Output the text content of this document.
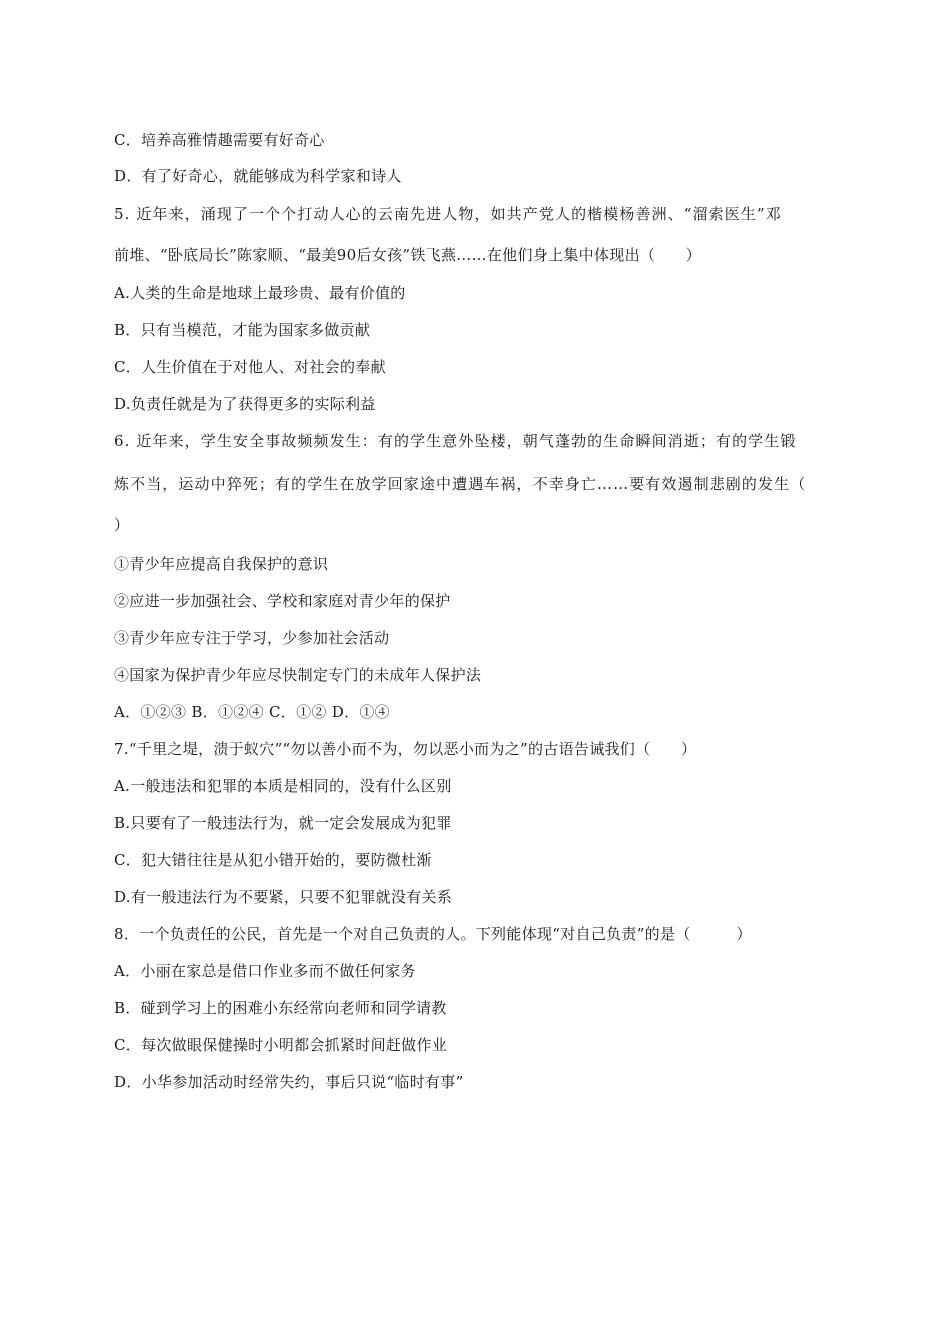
C．培养高雅情趣需要有好奇心
D．有了好奇心，就能够成为科学家和诗人
5. 近年来，涌现了一个个打动人心的云南先进人物，如共产党人的楷模杨善洲、“溜索医生”邓
前堆、“卧底局长”陈家顺、“最美90后女孩”铁飞燕……在他们身上集中体现出（　　）
A.人类的生命是地球上最珍贵、最有价值的
B．只有当模范，才能为国家多做贡献
C．人生价值在于对他人、对社会的奉献
D.负责任就是为了获得更多的实际利益
6. 近年来，学生安全事故频频发生：有的学生意外坠楼，朝气蓬勃的生命瞬间消逝；有的学生锻
炼不当，运动中猝死；有的学生在放学回家途中遭遇车祸，不幸身亡……要有效遏制悲剧的发生（
）
①青少年应提高自我保护的意识
②应进一步加强社会、学校和家庭对青少年的保护
③青少年应专注于学习，少参加社会活动
④国家为保护青少年应尽快制定专门的未成年人保护法
A．①②③ B．①②④ C．①② D．①④
7.“千里之堤，溃于蚁穴”“勿以善小而不为，勿以恶小而为之”的古语告诫我们（　　）
A.一般违法和犯罪的本质是相同的，没有什么区别
B.只要有了一般违法行为，就一定会发展成为犯罪
C．犯大错往往是从犯小错开始的，要防微杜渐
D.有一般违法行为不要紧，只要不犯罪就没有关系
8．一个负责任的公民，首先是一个对自己负责的人。下列能体现“对自己负责”的是（　　　）
A．小丽在家总是借口作业多而不做任何家务
B．碰到学习上的困难小东经常向老师和同学请教
C．每次做眼保健操时小明都会抓紧时间赶做作业
D．小华参加活动时经常失约，事后只说“临时有事”
